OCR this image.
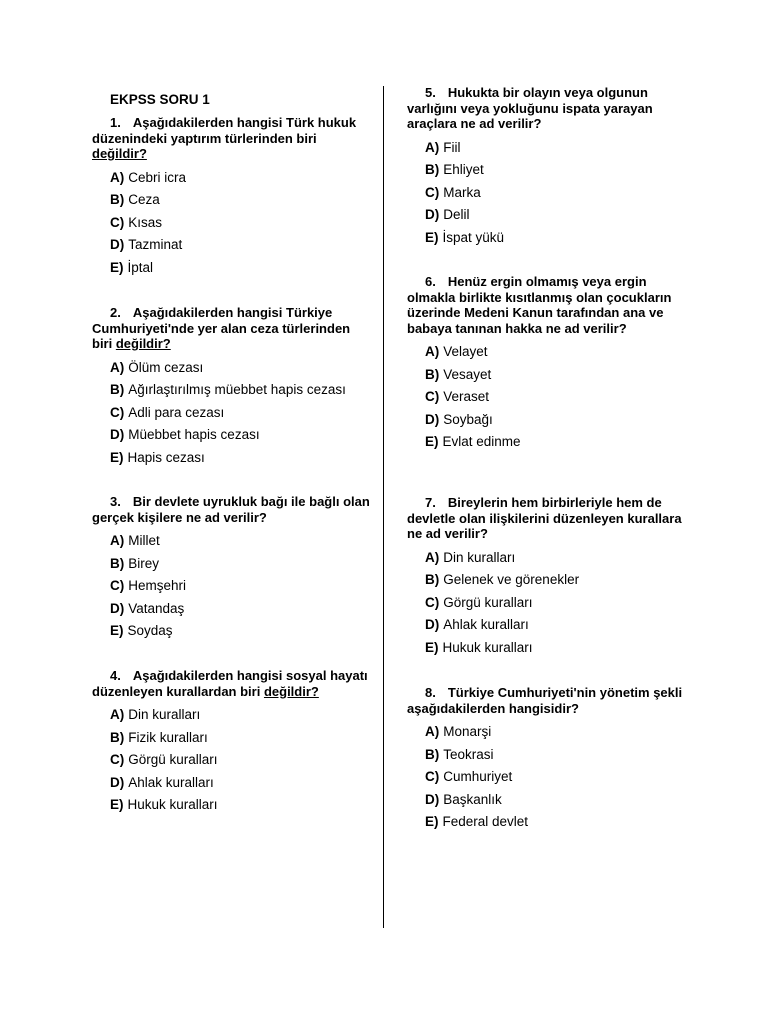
EKPSS SORU 1
1. Aşağıdakilerden hangisi Türk hukuk düzenindeki yaptırım türlerinden biri değildir?
A) Cebri icra
B) Ceza
C) Kısas
D) Tazminat
E) İptal
2. Aşağıdakilerden hangisi Türkiye Cumhuriyeti'nde yer alan ceza türlerinden biri değildir?
A) Ölüm cezası
B) Ağırlaştırılmış müebbet hapis cezası
C) Adli para cezası
D) Müebbet hapis cezası
E) Hapis cezası
3. Bir devlete uyrukluk bağı ile bağlı olan gerçek kişilere ne ad verilir?
A) Millet
B) Birey
C) Hemşehri
D) Vatandaş
E) Soydaş
4. Aşağıdakilerden hangisi sosyal hayatı düzenleyen kurallardan biri değildir?
A) Din kuralları
B) Fizik kuralları
C) Görgü kuralları
D) Ahlak kuralları
E) Hukuk kuralları
5. Hukukta bir olayın veya olgunun varlığını veya yokluğunu ispata yarayan araçlara ne ad verilir?
A) Fiil
B) Ehliyet
C) Marka
D) Delil
E) İspat yükü
6. Henüz ergin olmamış veya ergin olmakla birlikte kısıtlanmış olan çocukların üzerinde Medeni Kanun tarafından ana ve babaya tanınan hakka ne ad verilir?
A) Velayet
B) Vesayet
C) Veraset
D) Soybağı
E) Evlat edinme
7. Bireylerin hem birbirleriyle hem de devletle olan ilişkilerini düzenleyen kurallara ne ad verilir?
A) Din kuralları
B) Gelenek ve görenekler
C) Görgü kuralları
D) Ahlak kuralları
E) Hukuk kuralları
8. Türkiye Cumhuriyeti'nin yönetim şekli aşağıdakilerden hangisidir?
A) Monarşi
B) Teokrasi
C) Cumhuriyet
D) Başkanlık
E) Federal devlet
